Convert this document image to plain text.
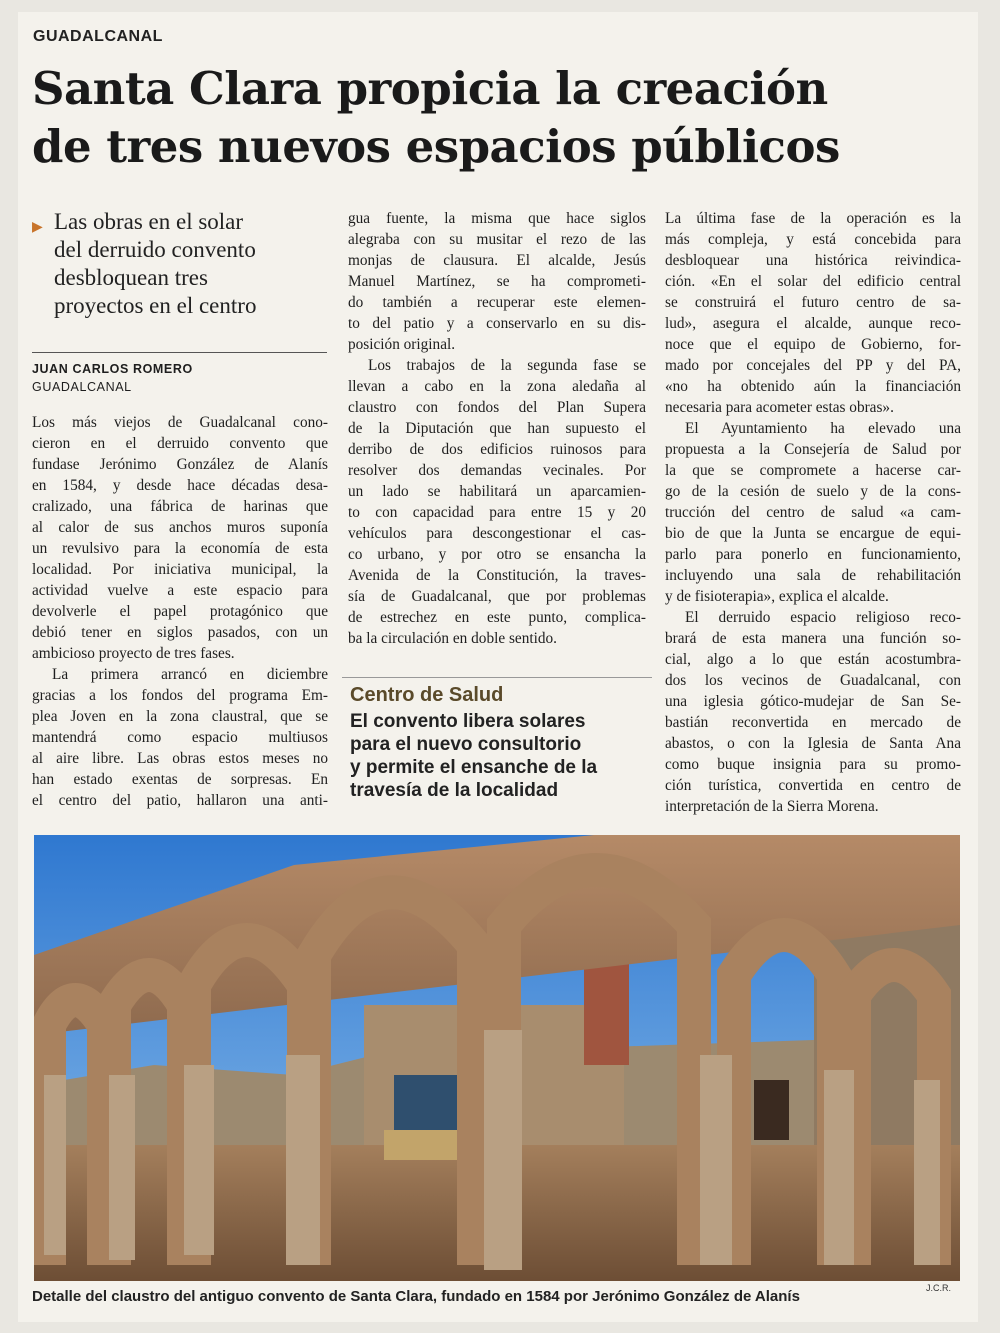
GUADALCANAL
Santa Clara propicia la creación
de tres nuevos espacios públicos
▶ Las obras en el solar
del derruido convento
desbloquean tres
proyectos en el centro
JUAN CARLOS ROMERO
GUADALCANAL
Los más viejos de Guadalcanal cono-
cieron en el derruido convento que
fundase Jerónimo González de Alanís
en 1584, y desde hace décadas desa-
cralizado, una fábrica de harinas que
al calor de sus anchos muros suponía
un revulsivo para la economía de esta
localidad. Por iniciativa municipal, la
actividad vuelve a este espacio para
devolverle el papel protagónico que
debió tener en siglos pasados, con un
ambicioso proyecto de tres fases.
La primera arrancó en diciembre
gracias a los fondos del programa Em-
plea Joven en la zona claustral, que se
mantendrá como espacio multiusos
al aire libre. Las obras estos meses no
han estado exentas de sorpresas. En
el centro del patio, hallaron una anti-
gua fuente, la misma que hace siglos
alegraba con su musitar el rezo de las
monjas de clausura. El alcalde, Jesús
Manuel Martínez, se ha comprometi-
do también a recuperar este elemen-
to del patio y a conservarlo en su dis-
posición original.
Los trabajos de la segunda fase se
llevan a cabo en la zona aledaña al
claustro con fondos del Plan Supera
de la Diputación que han supuesto el
derribo de dos edificios ruinosos para
resolver dos demandas vecinales. Por
un lado se habilitará un aparcamien-
to con capacidad para entre 15 y 20
vehículos para descongestionar el cas-
co urbano, y por otro se ensancha la
Avenida de la Constitución, la traves-
sía de Guadalcanal, que por problemas
de estrechez en este punto, complica-
ba la circulación en doble sentido.
La última fase de la operación es la
más compleja, y está concebida para
desbloquear una histórica reivindica-
ción. «En el solar del edificio central
se construirá el futuro centro de sa-
lud», asegura el alcalde, aunque reco-
noce que el equipo de Gobierno, for-
mado por concejales del PP y del PA,
«no ha obtenido aún la financiación
necesaria para acometer estas obras».
El Ayuntamiento ha elevado una
propuesta a la Consejería de Salud por
la que se compromete a hacerse car-
go de la cesión de suelo y de la cons-
trucción del centro de salud «a cam-
bio de que la Junta se encargue de equi-
parlo para ponerlo en funcionamiento,
incluyendo una sala de rehabilitación
y de fisioterapia», explica el alcalde.
El derruido espacio religioso reco-
brará de esta manera una función so-
cial, algo a lo que están acostumbra-
dos los vecinos de Guadalcanal, con
una iglesia gótico-mudejar de San Se-
bastián reconvertida en mercado de
abastos, o con la Iglesia de Santa Ana
como buque insignia para su promo-
ción turística, convertida en centro de
interpretación de la Sierra Morena.
Centro de Salud
El convento libera solares
para el nuevo consultorio
y permite el ensanche de la
travesía de la localidad
Detalle del claustro del antiguo convento de Santa Clara, fundado en 1584 por Jerónimo González de Alanís	J.C.R.
